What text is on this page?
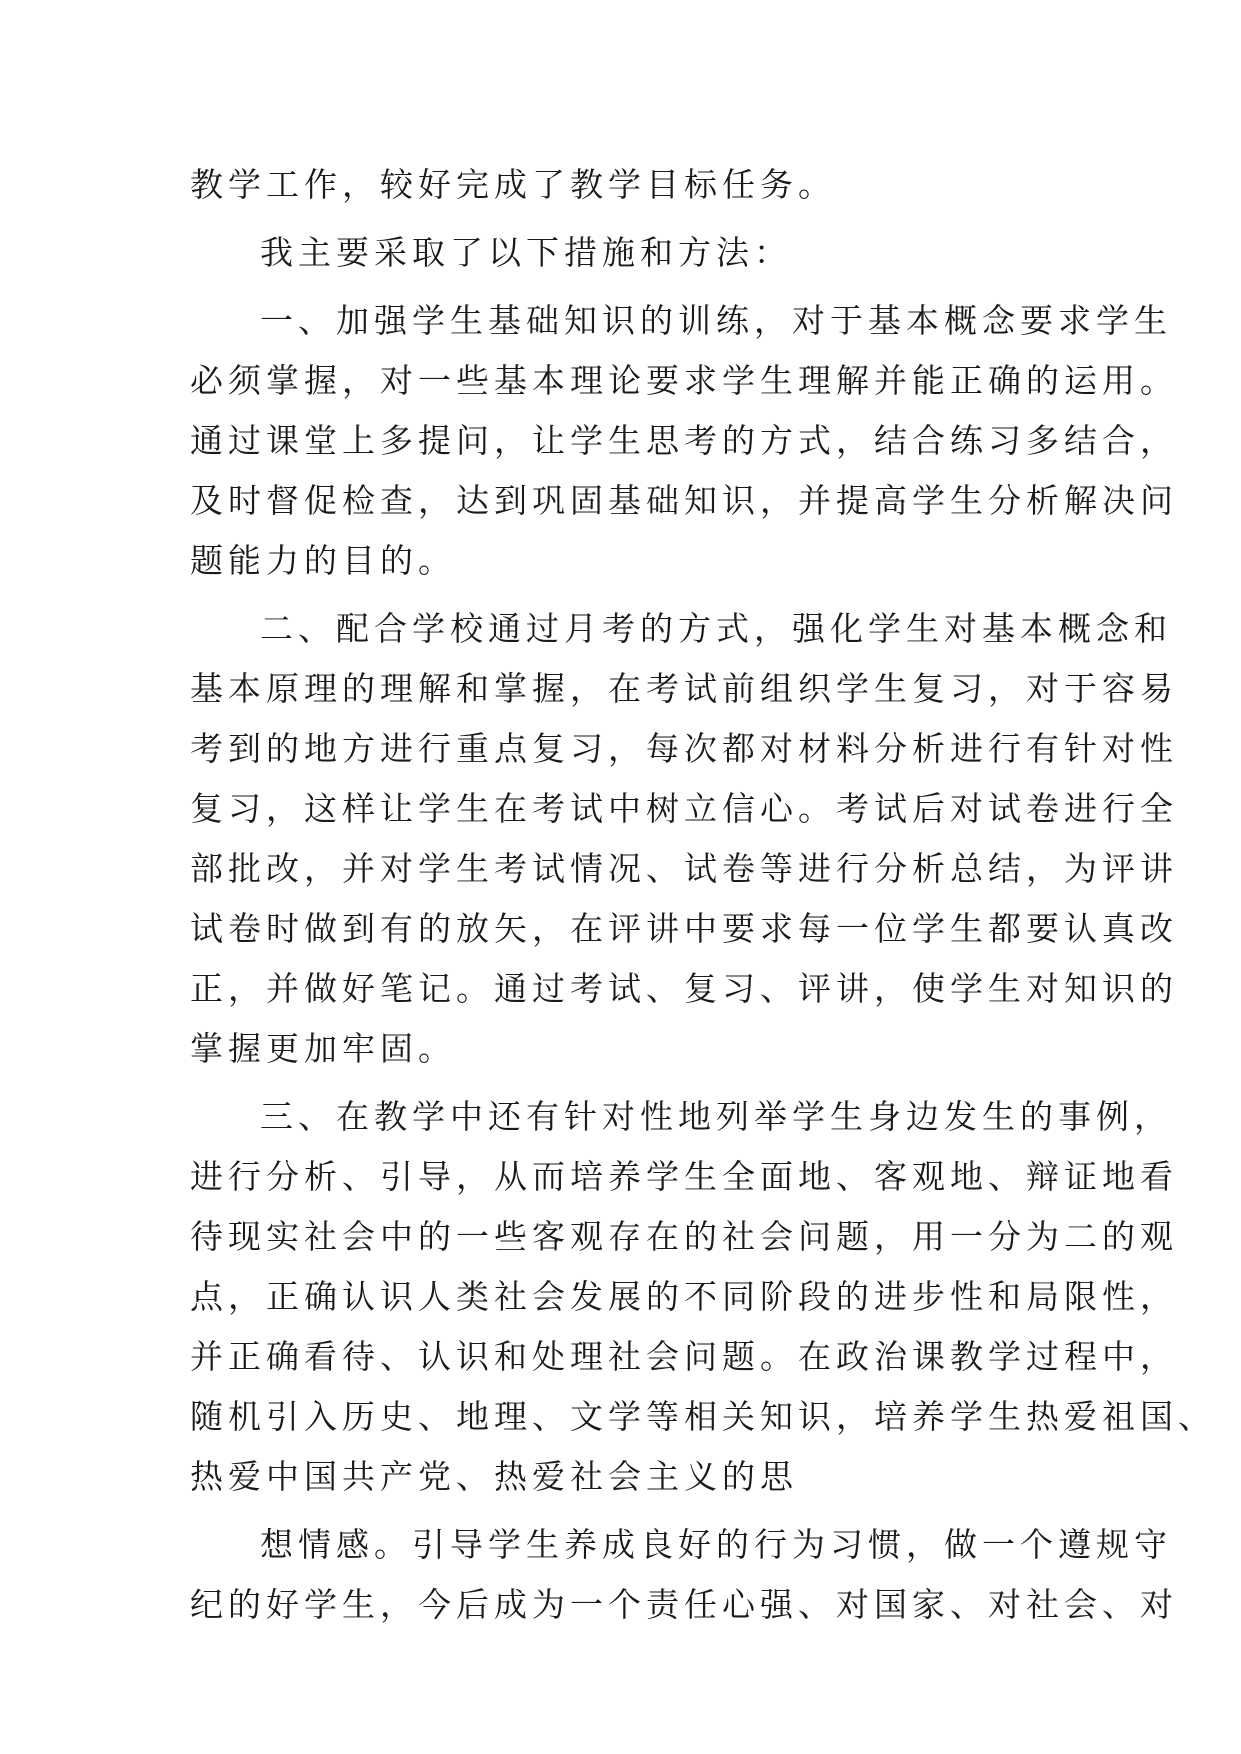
教学工作，较好完成了教学目标任务。
我主要采取了以下措施和方法：
一、加强学生基础知识的训练，对于基本概念要求学生
必须掌握，对一些基本理论要求学生理解并能正确的运用。
通过课堂上多提问，让学生思考的方式，结合练习多结合，
及时督促检查，达到巩固基础知识，并提高学生分析解决问
题能力的目的。
二、配合学校通过月考的方式，强化学生对基本概念和
基本原理的理解和掌握，在考试前组织学生复习，对于容易
考到的地方进行重点复习，每次都对材料分析进行有针对性
复习，这样让学生在考试中树立信心。考试后对试卷进行全
部批改，并对学生考试情况、试卷等进行分析总结，为评讲
试卷时做到有的放矢，在评讲中要求每一位学生都要认真改
正，并做好笔记。通过考试、复习、评讲，使学生对知识的
掌握更加牢固。
三、在教学中还有针对性地列举学生身边发生的事例，
进行分析、引导，从而培养学生全面地、客观地、辩证地看
待现实社会中的一些客观存在的社会问题，用一分为二的观
点，正确认识人类社会发展的不同阶段的进步性和局限性，
并正确看待、认识和处理社会问题。在政治课教学过程中，
随机引入历史、地理、文学等相关知识，培养学生热爱祖国、
热爱中国共产党、热爱社会主义的思
想情感。引导学生养成良好的行为习惯，做一个遵规守
纪的好学生，今后成为一个责任心强、对国家、对社会、对
